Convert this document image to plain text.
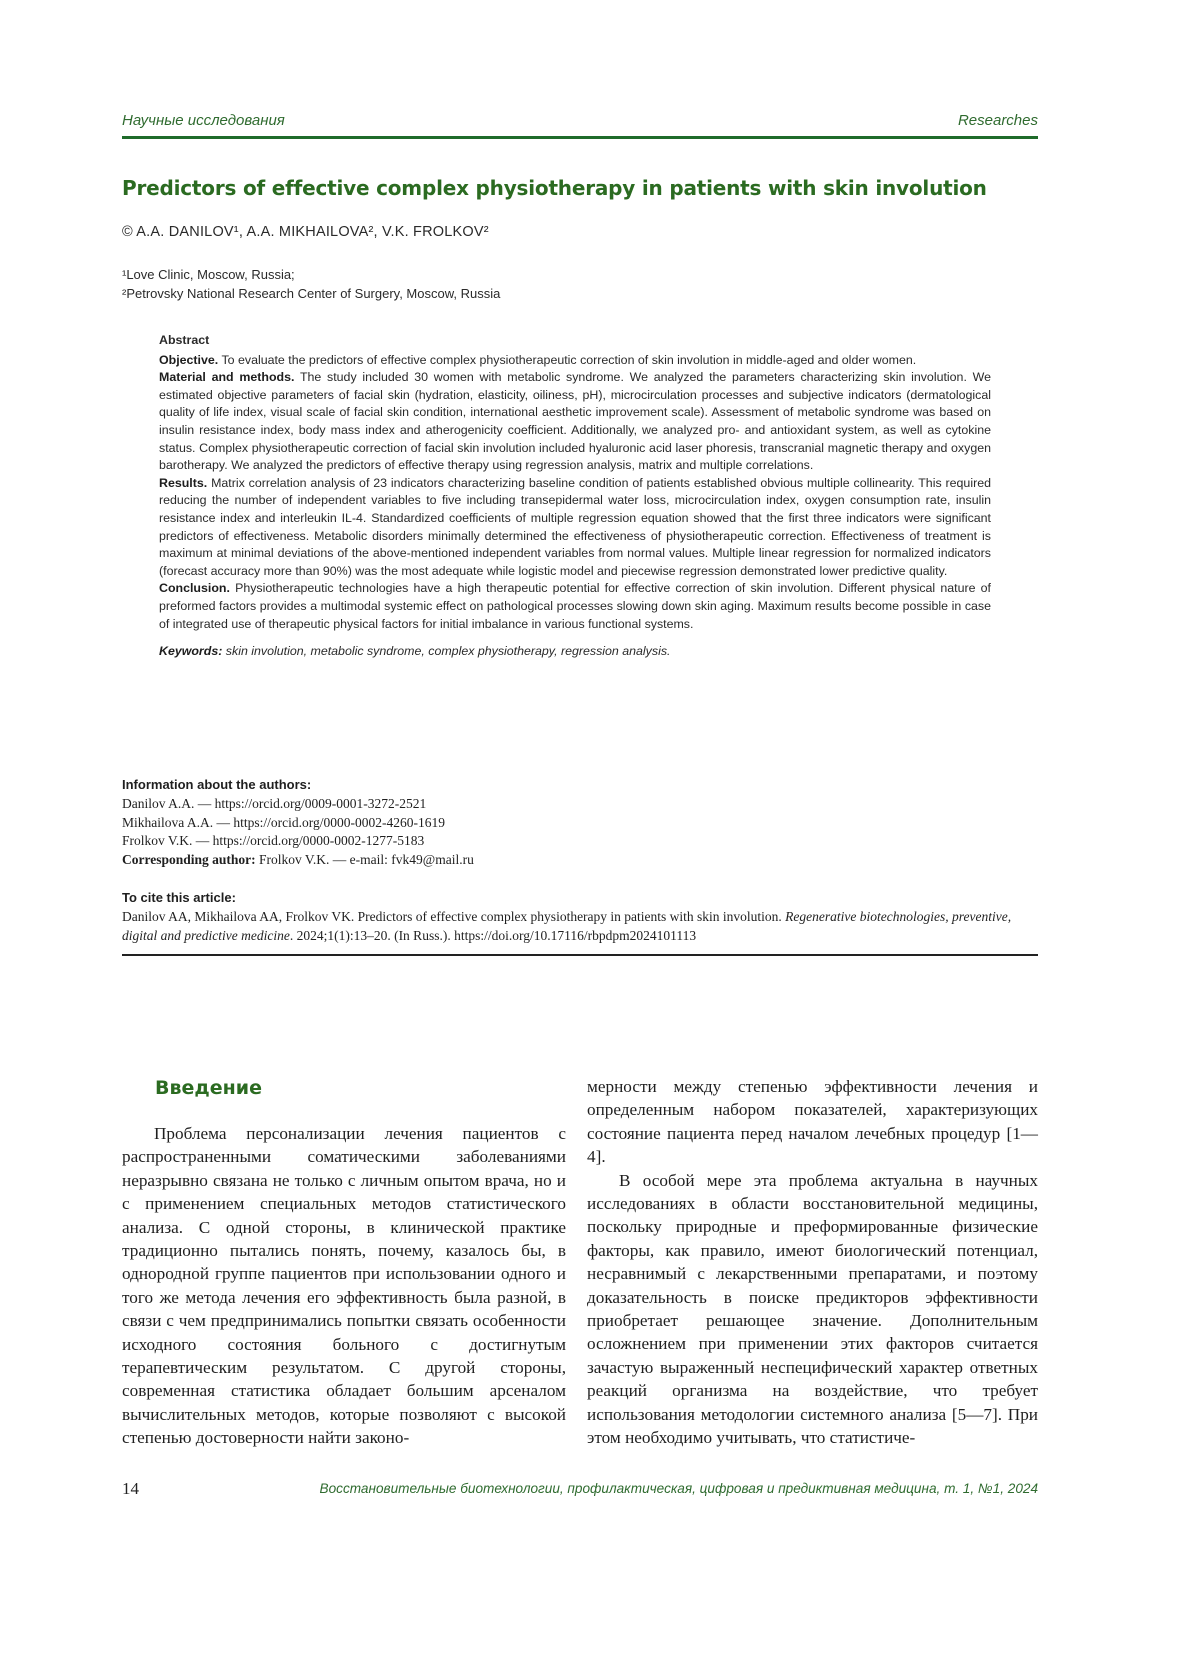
Научные исследования	Researches
Predictors of effective complex physiotherapy in patients with skin involution
© A.A. DANILOV¹, A.A. MIKHAILOVA², V.K. FROLKOV²
¹Love Clinic, Moscow, Russia;
²Petrovsky National Research Center of Surgery, Moscow, Russia

Abstract

Objective. To evaluate the predictors of effective complex physiotherapeutic correction of skin involution in middle-aged and older women.

Material and methods. The study included 30 women with metabolic syndrome. We analyzed the parameters characterizing skin involution. We estimated objective parameters of facial skin (hydration, elasticity, oiliness, pH), microcirculation processes and subjective indicators (dermatological quality of life index, visual scale of facial skin condition, international aesthetic improvement scale). Assessment of metabolic syndrome was based on insulin resistance index, body mass index and atherogenicity coefficient. Additionally, we analyzed pro- and antioxidant system, as well as cytokine status. Complex physiotherapeutic correction of facial skin involution included hyaluronic acid laser phoresis, transcranial magnetic therapy and oxygen barotherapy. We analyzed the predictors of effective therapy using regression analysis, matrix and multiple correlations.

Results. Matrix correlation analysis of 23 indicators characterizing baseline condition of patients established obvious multiple collinearity. This required reducing the number of independent variables to five including transepidermal water loss, microcirculation index, oxygen consumption rate, insulin resistance index and interleukin IL-4. Standardized coefficients of multiple regression equation showed that the first three indicators were significant predictors of effectiveness. Metabolic disorders minimally determined the effectiveness of physiotherapeutic correction. Effectiveness of treatment is maximum at minimal deviations of the above-mentioned independent variables from normal values. Multiple linear regression for normalized indicators (forecast accuracy more than 90%) was the most adequate while logistic model and piecewise regression demonstrated lower predictive quality.

Conclusion. Physiotherapeutic technologies have a high therapeutic potential for effective correction of skin involution. Different physical nature of preformed factors provides a multimodal systemic effect on pathological processes slowing down skin aging. Maximum results become possible in case of integrated use of therapeutic physical factors for initial imbalance in various functional systems.

Keywords: skin involution, metabolic syndrome, complex physiotherapy, regression analysis.

Information about the authors:
Danilov A.A. — https://orcid.org/0009-0001-3272-2521
Mikhailova A.A. — https://orcid.org/0000-0002-4260-1619
Frolkov V.K. — https://orcid.org/0000-0002-1277-5183
Corresponding author: Frolkov V.K. — e-mail: fvk49@mail.ru
To cite this article:
Danilov AA, Mikhailova AA, Frolkov VK. Predictors of effective complex physiotherapy in patients with skin involution. Regenerative biotechnologies, preventive, digital and predictive medicine. 2024;1(1):13–20. (In Russ.). https://doi.org/10.17116/rbpdpm2024101113
Введение

Проблема персонализации лечения пациентов с распространенными соматическими заболеваниями неразрывно связана не только с личным опытом врача, но и с применением специальных методов статистического анализа. С одной стороны, в клинической практике традиционно пытались понять, почему, казалось бы, в однородной группе пациентов при использовании одного и того же метода лечения его эффективность была разной, в связи с чем предпринимались попытки связать особенности исходного состояния больного с достигнутым терапевтическим результатом. С другой стороны, современная статистика обладает большим арсеналом вычислительных методов, которые позволяют с высокой степенью достоверности найти законо-

мерности между степенью эффективности лечения и определенным набором показателей, характеризующих состояние пациента перед началом лечебных процедур [1—4].

В особой мере эта проблема актуальна в научных исследованиях в области восстановительной медицины, поскольку природные и преформированные физические факторы, как правило, имеют биологический потенциал, несравнимый с лекарственными препаратами, и поэтому доказательность в поиске предикторов эффективности приобретает решающее значение. Дополнительным осложнением при применении этих факторов считается зачастую выраженный неспецифический характер ответных реакций организма на воздействие, что требует использования методологии системного анализа [5—7]. При этом необходимо учитывать, что статистиче-

14	Восстановительные биотехнологии, профилактическая, цифровая и предиктивная медицина, т. 1, №1, 2024
